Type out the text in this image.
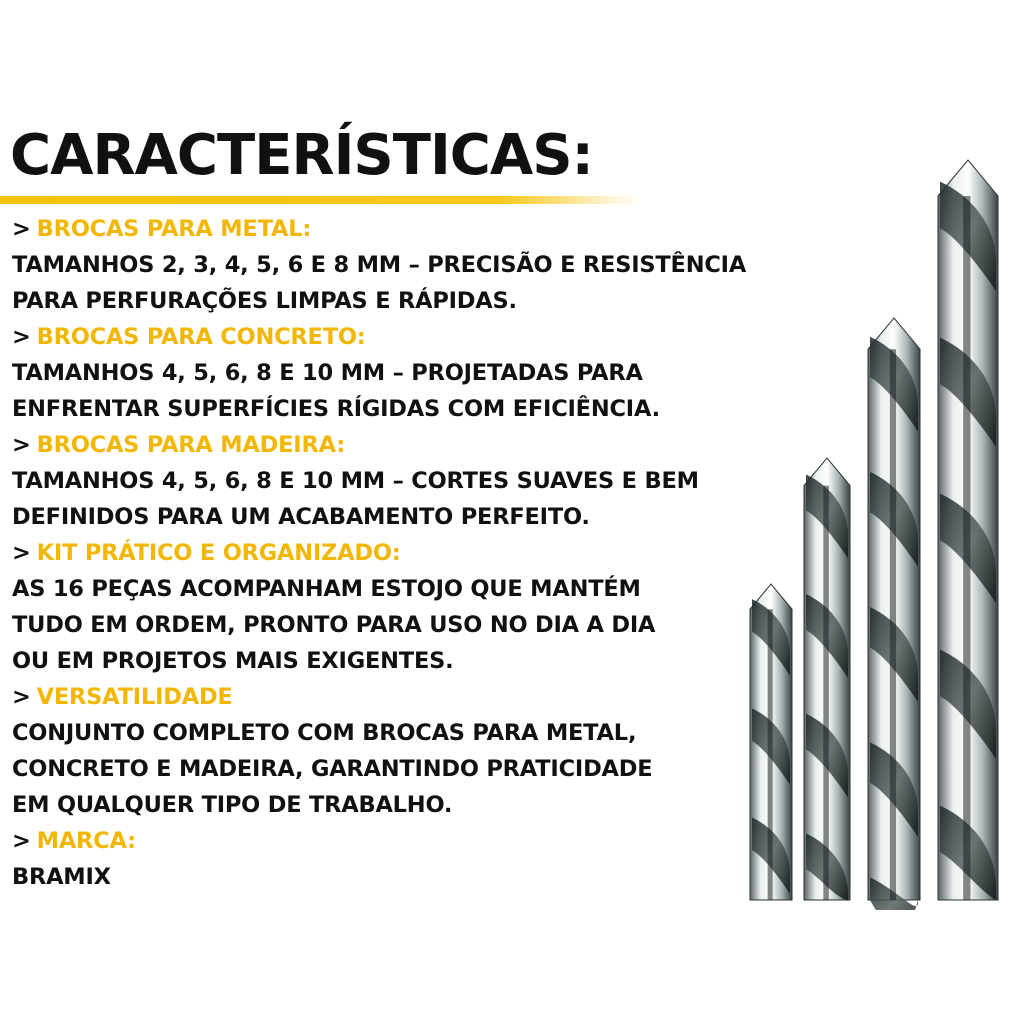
CARACTERÍSTICAS:
> BROCAS PARA METAL:
TAMANHOS 2, 3, 4, 5, 6 E 8 MM – PRECISÃO E RESISTÊNCIA
PARA PERFURAÇÕES LIMPAS E RÁPIDAS.
> BROCAS PARA CONCRETO:
TAMANHOS 4, 5, 6, 8 E 10 MM – PROJETADAS PARA
ENFRENTAR SUPERFÍCIES RÍGIDAS COM EFICIÊNCIA.
> BROCAS PARA MADEIRA:
TAMANHOS 4, 5, 6, 8 E 10 MM – CORTES SUAVES E BEM
DEFINIDOS PARA UM ACABAMENTO PERFEITO.
> KIT PRÁTICO E ORGANIZADO:
AS 16 PEÇAS ACOMPANHAM ESTOJO QUE MANTÉM
TUDO EM ORDEM, PRONTO PARA USO NO DIA A DIA
OU EM PROJETOS MAIS EXIGENTES.
> VERSATILIDADE
CONJUNTO COMPLETO COM BROCAS PARA METAL,
CONCRETO E MADEIRA, GARANTINDO PRATICIDADE
EM QUALQUER TIPO DE TRABALHO.
> MARCA:
BRAMIX
